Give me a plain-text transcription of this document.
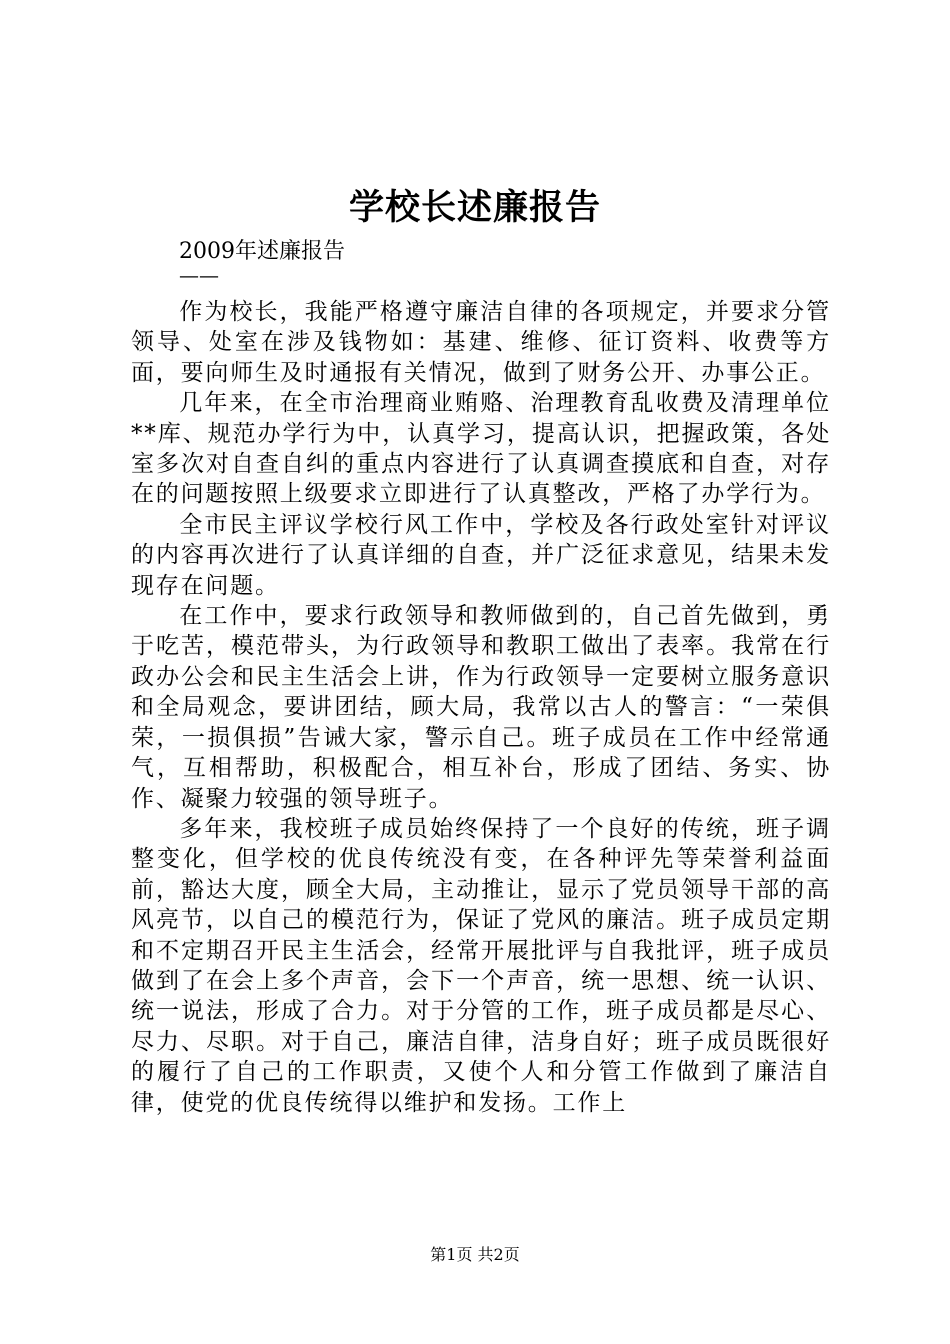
学校长述廉报告
2009年述廉报告
——

作为校长，我能严格遵守廉洁自律的各项规定，并要求分管领导、处室在涉及钱物如：基建、维修、征订资料、收费等方面，要向师生及时通报有关情况，做到了财务公开、办事公正。

几年来，在全市治理商业贿赂、治理教育乱收费及清理单位**库、规范办学行为中，认真学习，提高认识，把握政策，各处室多次对自查自纠的重点内容进行了认真调查摸底和自查，对存在的问题按照上级要求立即进行了认真整改，严格了办学行为。

全市民主评议学校行风工作中，学校及各行政处室针对评议的内容再次进行了认真详细的自查，并广泛征求意见，结果未发现存在问题。

在工作中，要求行政领导和教师做到的，自己首先做到，勇于吃苦，模范带头，为行政领导和教职工做出了表率。我常在行政办公会和民主生活会上讲，作为行政领导一定要树立服务意识和全局观念，要讲团结，顾大局，我常以古人的警言：“一荣俱荣，一损俱损”告诫大家，警示自己。班子成员在工作中经常通气，互相帮助，积极配合，相互补台，形成了团结、务实、协作、凝聚力较强的领导班子。

多年来，我校班子成员始终保持了一个良好的传统，班子调整变化，但学校的优良传统没有变，在各种评先等荣誉利益面前，豁达大度，顾全大局，主动推让，显示了党员领导干部的高风亮节，以自己的模范行为，保证了党风的廉洁。班子成员定期和不定期召开民主生活会，经常开展批评与自我批评，班子成员做到了在会上多个声音，会下一个声音，统一思想、统一认识、统一说法，形成了合力。对于分管的工作，班子成员都是尽心、尽力、尽职。对于自己，廉洁自律，洁身自好；班子成员既很好的履行了自己的工作职责，又使个人和分管工作做到了廉洁自律，使党的优良传统得以维护和发扬。工作上

第1页 共2页
